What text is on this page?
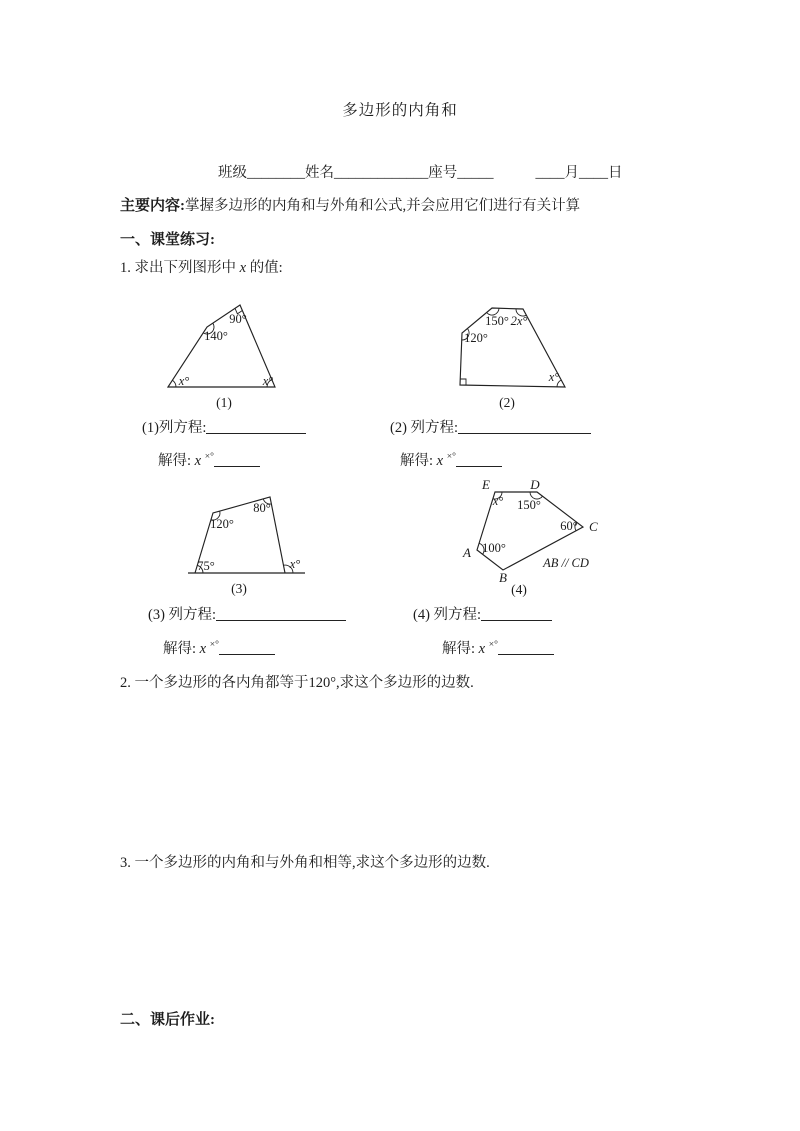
多边形的内角和
班级________姓名_____________座号_____	____月____日
主要内容:掌握多边形的内角和与外角和公式,并会应用它们进行有关计算
一、课堂练习:
1. 求出下列图形中 x 的值:
140°
90°
x°	x°
(1)
120°
150° 2x°
x°
(2)
(1)列方程:	(2) 列方程:
解得: x ×°	解得: x ×°
120°
80°
75°	x°
(3)
A
B
C
D
E
x° 150°
60°
100°
AB // CD
(4)
(3) 列方程:	(4) 列方程:
解得: x ×°	解得: x ×°
2. 一个多边形的各内角都等于120°,求这个多边形的边数.
3. 一个多边形的内角和与外角和相等,求这个多边形的边数.
二、课后作业:
